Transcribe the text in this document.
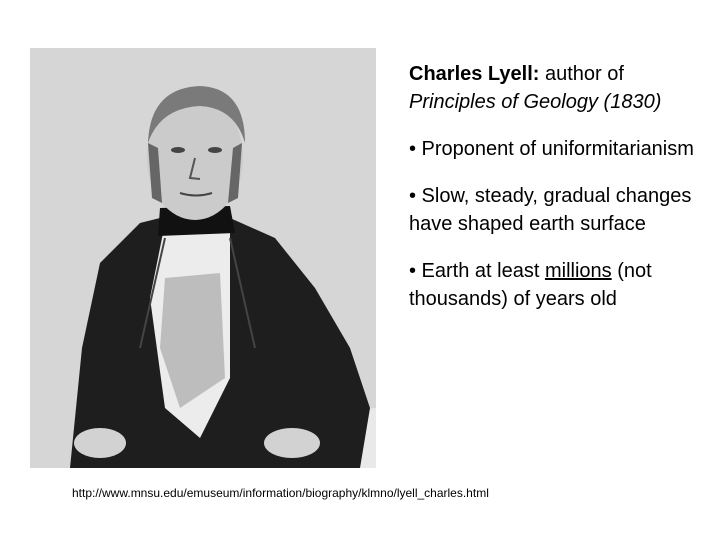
Charles Lyell: author of Principles of Geology (1830)

• Proponent of uniformitarianism

• Slow, steady, gradual changes have shaped earth surface

• Earth at least millions (not thousands) of years old

http://www.mnsu.edu/emuseum/information/biography/klmno/lyell_charles.html
